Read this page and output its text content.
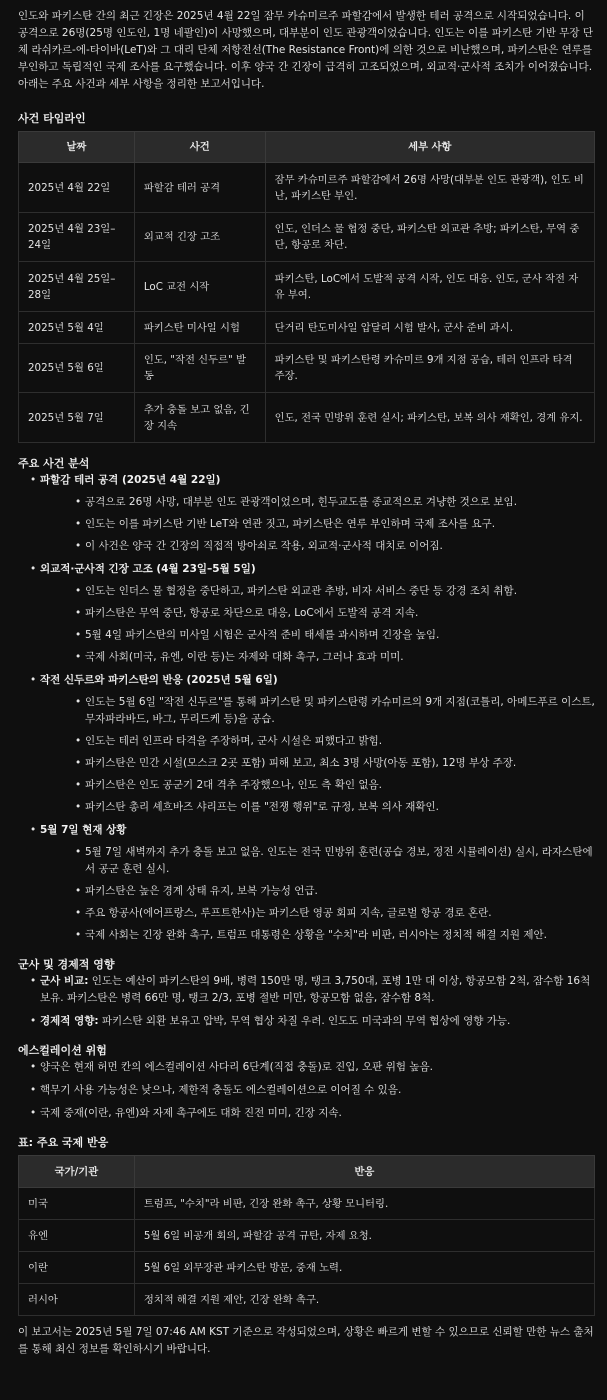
인도와 파키스탄 간의 최근 긴장은 2025년 4월 22일 잠무 카슈미르주 파할감에서 발생한 테러 공격으로 시작되었습니다. 이 공격으로 26명(25명 인도인, 1명 네팔인)이 사망했으며, 대부분이 인도 관광객이었습니다. 인도는 이를 파키스탄 기반 무장 단체 라쉬카르-에-타이바(LeT)와 그 대리 단체 저항전선(The Resistance Front)에 의한 것으로 비난했으며, 파키스탄은 연루를 부인하고 독립적인 국제 조사를 요구했습니다. 이후 양국 간 긴장이 급격히 고조되었으며, 외교적·군사적 조치가 이어졌습니다. 아래는 주요 사건과 세부 사항을 정리한 보고서입니다.

사건 타임라인
날짜	사건	세부 사항
2025년 4월 22일	파할감 테러 공격	잠무 카슈미르주 파할감에서 26명 사망(대부분 인도 관광객), 인도 비난, 파키스탄 부인.
2025년 4월 23일–24일	외교적 긴장 고조	인도, 인더스 물 협정 중단, 파키스탄 외교관 추방; 파키스탄, 무역 중단, 항공로 차단.
2025년 4월 25일–28일	LoC 교전 시작	파키스탄, LoC에서 도발적 공격 시작, 인도 대응. 인도, 군사 작전 자유 부여.
2025년 5월 4일	파키스탄 미사일 시험	단거리 탄도미사일 압달리 시험 발사, 군사 준비 과시.
2025년 5월 6일	인도, "작전 신두르" 발동	파키스탄 및 파키스탄령 카슈미르 9개 지점 공습, 테러 인프라 타격 주장.
2025년 5월 7일	추가 충돌 보고 없음, 긴장 지속	인도, 전국 민방위 훈련 실시; 파키스탄, 보복 의사 재확인, 경계 유지.
주요 사건 분석
• 파할감 테러 공격 (2025년 4월 22일)
• 공격으로 26명 사망, 대부분 인도 관광객이었으며, 힌두교도를 종교적으로 겨냥한 것으로 보임.
• 인도는 이를 파키스탄 기반 LeT와 연관 짓고, 파키스탄은 연루 부인하며 국제 조사를 요구.
• 이 사건은 양국 간 긴장의 직접적 방아쇠로 작용, 외교적·군사적 대치로 이어짐.
• 외교적·군사적 긴장 고조 (4월 23일–5월 5일)
• 인도는 인더스 물 협정을 중단하고, 파키스탄 외교관 추방, 비자 서비스 중단 등 강경 조치 취함.
• 파키스탄은 무역 중단, 항공로 차단으로 대응, LoC에서 도발적 공격 지속.
• 5월 4일 파키스탄의 미사일 시험은 군사적 준비 태세를 과시하며 긴장을 높임.
• 국제 사회(미국, 유엔, 이란 등)는 자제와 대화 촉구, 그러나 효과 미미.
• 작전 신두르와 파키스탄의 반응 (2025년 5월 6일)
• 인도는 5월 6일 "작전 신두르"를 통해 파키스탄 및 파키스탄령 카슈미르의 9개 지점(코틀리, 아메드푸르 이스트, 무자파라바드, 바그, 무리드케 등)을 공습.
• 인도는 테러 인프라 타격을 주장하며, 군사 시설은 피했다고 밝힘.
• 파키스탄은 민간 시설(모스크 2곳 포함) 피해 보고, 최소 3명 사망(아동 포함), 12명 부상 주장.
• 파키스탄은 인도 공군기 2대 격추 주장했으나, 인도 측 확인 없음.
• 파키스탄 총리 셰흐바즈 샤리프는 이를 "전쟁 행위"로 규정, 보복 의사 재확인.
• 5월 7일 현재 상황
• 5월 7일 새벽까지 추가 충돌 보고 없음. 인도는 전국 민방위 훈련(공습 경보, 정전 시뮬레이션) 실시, 라자스탄에서 공군 훈련 실시.
• 파키스탄은 높은 경계 상태 유지, 보복 가능성 언급.
• 주요 항공사(에어프랑스, 루프트한사)는 파키스탄 영공 회피 지속, 글로벌 항공 경로 혼란.
• 국제 사회는 긴장 완화 촉구, 트럼프 대통령은 상황을 "수치"라 비판, 러시아는 정치적 해결 지원 제안.
군사 및 경제적 영향
• 군사 비교: 인도는 예산이 파키스탄의 9배, 병력 150만 명, 탱크 3,750대, 포병 1만 대 이상, 항공모함 2척, 잠수함 16척 보유. 파키스탄은 병력 66만 명, 탱크 2/3, 포병 절반 미만, 항공모함 없음, 잠수함 8척.
• 경제적 영향: 파키스탄 외환 보유고 압박, 무역 협상 차질 우려. 인도도 미국과의 무역 협상에 영향 가능.
에스컬레이션 위험
• 양국은 현재 허먼 칸의 에스컬레이션 사다리 6단계(직접 충돌)로 진입, 오판 위험 높음.
• 핵무기 사용 가능성은 낮으나, 제한적 충돌도 에스컬레이션으로 이어질 수 있음.
• 국제 중재(이란, 유엔)와 자제 촉구에도 대화 진전 미미, 긴장 지속.
표: 주요 국제 반응
국가/기관	반응
미국	트럼프, "수치"라 비판, 긴장 완화 촉구, 상황 모니터링.
유엔	5월 6일 비공개 회의, 파할감 공격 규탄, 자제 요청.
이란	5월 6일 외무장관 파키스탄 방문, 중재 노력.
러시아	정치적 해결 지원 제안, 긴장 완화 촉구.

이 보고서는 2025년 5월 7일 07:46 AM KST 기준으로 작성되었으며, 상황은 빠르게 변할 수 있으므로 신뢰할 만한 뉴스 출처를 통해 최신 정보를 확인하시기 바랍니다.
